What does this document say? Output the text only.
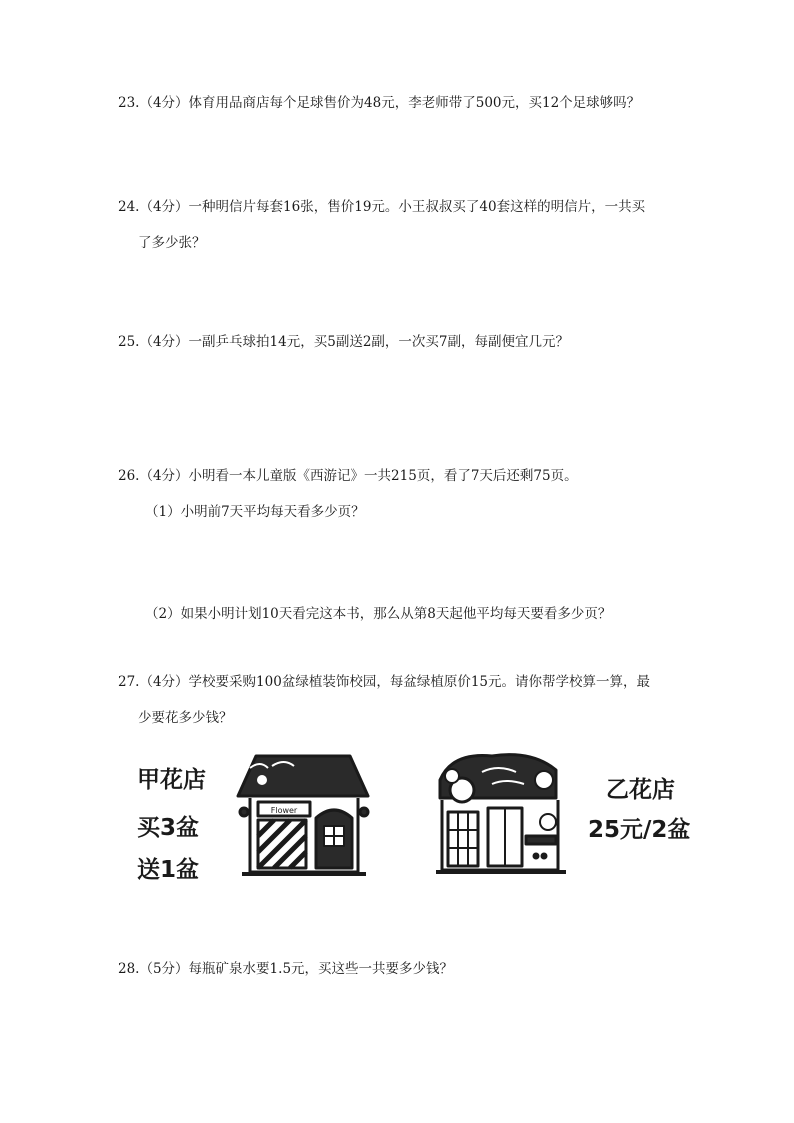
23.（4分）体育用品商店每个足球售价为48元，李老师带了500元，买12个足球够吗？
24.（4分）一种明信片每套16张，售价19元。小王叔叔买了40套这样的明信片，一共买
了多少张？
25.（4分）一副乒乓球拍14元，买5副送2副，一次买7副，每副便宜几元？
26.（4分）小明看一本儿童版《西游记》一共215页，看了7天后还剩75页。
（1）小明前7天平均每天看多少页？
（2）如果小明计划10天看完这本书，那么从第8天起他平均每天要看多少页？
27.（4分）学校要采购100盆绿植装饰校园，每盆绿植原价15元。请你帮学校算一算，最
少要花多少钱？
甲花店
买3盆
送1盆
Flower
乙花店
25元/2盆
28.（5分）每瓶矿泉水要1.5元，买这些一共要多少钱？
